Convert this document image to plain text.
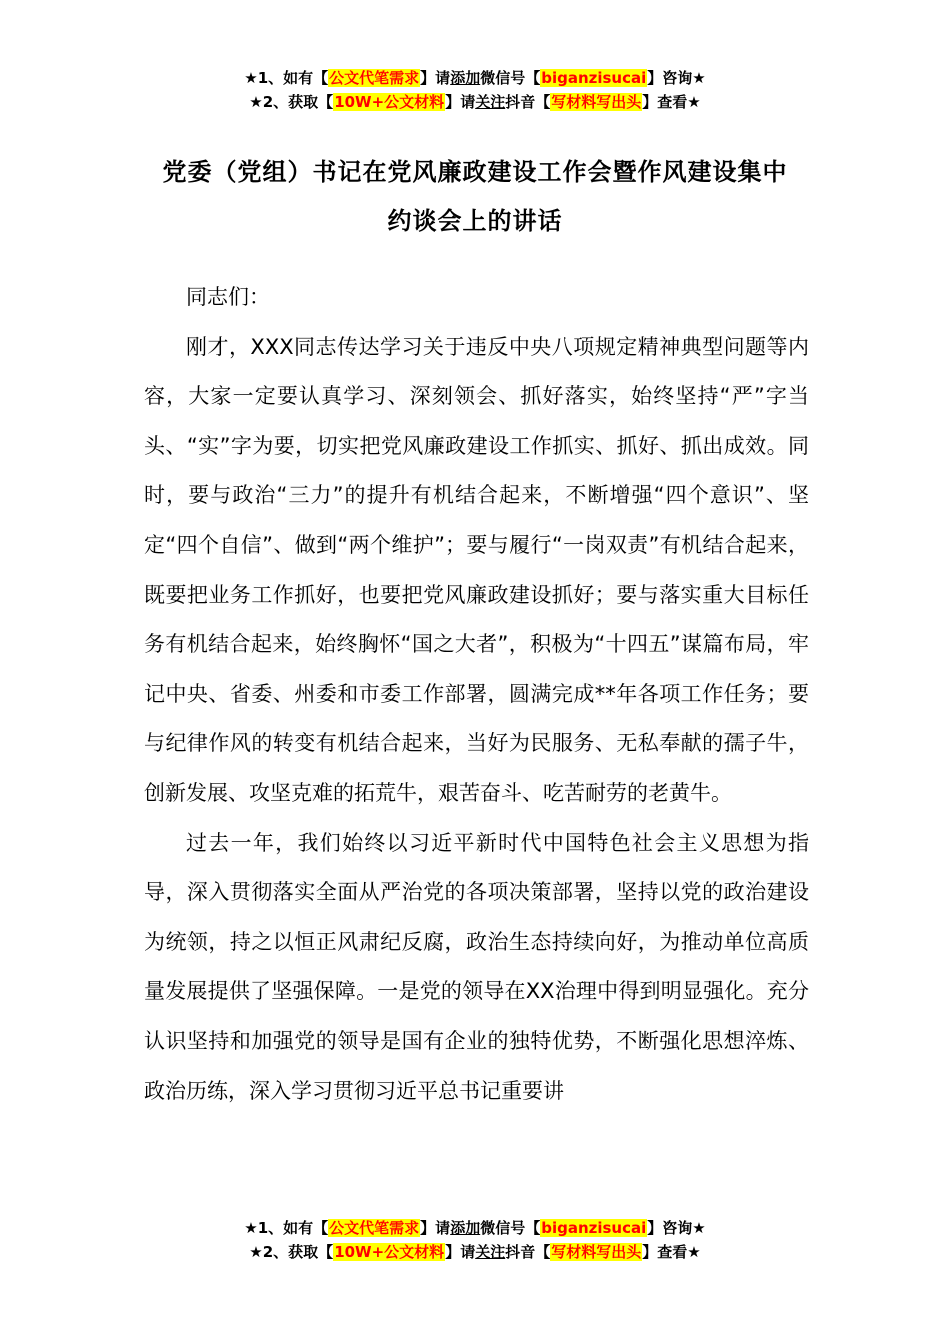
★1、如有【公文代笔需求】请添加微信号【biganzisucai】咨询★
★2、获取【10W+公文材料】请关注抖音【写材料写出头】查看★
党委（党组）书记在党风廉政建设工作会暨作风建设集中
约谈会上的讲话

同志们：

刚才，XXX同志传达学习关于违反中央八项规定精神典型问题等内容，大家一定要认真学习、深刻领会、抓好落实，始终坚持“严”字当头、“实”字为要，切实把党风廉政建设工作抓实、抓好、抓出成效。同时，要与政治“三力”的提升有机结合起来，不断增强“四个意识”、坚定“四个自信”、做到“两个维护”；要与履行“一岗双责”有机结合起来，既要把业务工作抓好，也要把党风廉政建设抓好；要与落实重大目标任务有机结合起来，始终胸怀“国之大者”，积极为“十四五”谋篇布局，牢记中央、省委、州委和市委工作部署，圆满完成**年各项工作任务；要与纪律作风的转变有机结合起来，当好为民服务、无私奉献的孺子牛，创新发展、攻坚克难的拓荒牛，艰苦奋斗、吃苦耐劳的老黄牛。

过去一年，我们始终以习近平新时代中国特色社会主义思想为指导，深入贯彻落实全面从严治党的各项决策部署，坚持以党的政治建设为统领，持之以恒正风肃纪反腐，政治生态持续向好，为推动单位高质量发展提供了坚强保障。一是党的领导在XX治理中得到明显强化。充分认识坚持和加强党的领导是国有企业的独特优势，不断强化思想淬炼、政治历练，深入学习贯彻习近平总书记重要讲

★1、如有【公文代笔需求】请添加微信号【biganzisucai】咨询★
★2、获取【10W+公文材料】请关注抖音【写材料写出头】查看★
